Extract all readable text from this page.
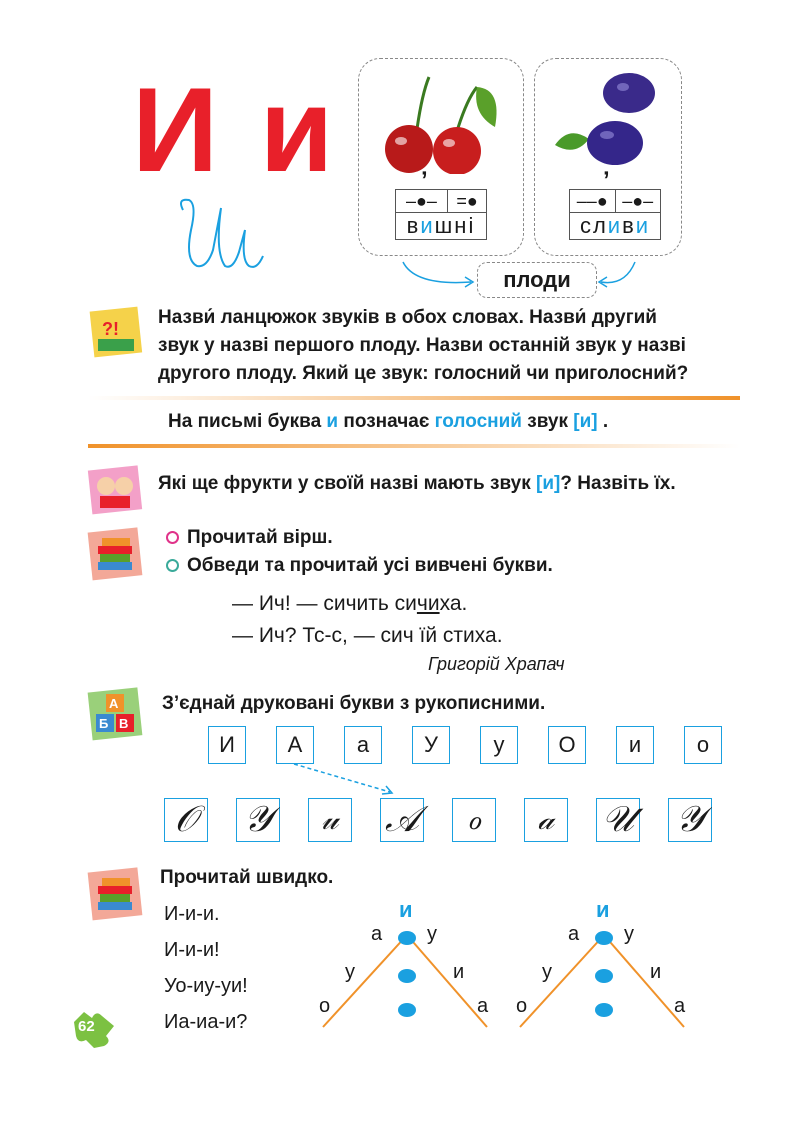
И и	ʼ
–●–	=●
вишні
ʼ
––●	–●–
сливи
плоди
?!
Назви́ ланцюжок звуків в обох словах. Назви́ другий
звук у назві першого плоду. Назви останній звук у назві
другого плоду. Який це звук: голосний чи приголосний?
На письмі буква и позначає голосний звук [и] .
Які ще фрукти у своїй назві мають звук [и]? Назвіть їх.
Прочитай вірш.
Обведи та прочитай усі вивчені букви.
— Ич! — сичить сичиха.
— Ич? Тс-с, — сич їй стиха.
Григорій Храпач
А
Б В
З’єднай друковані букви з рукописними.
И	А	а	У	у	О	и	о
𝒪 𝒴	𝓊	𝒜	ℴ	𝒶	𝒰 𝒴
Прочитай швидко.
И-и-и.
И-и-и!
Уо-иу-уи!
Иа-иа-и?
и
а
у
о
у
и
а
и
а
у
о
у
и
а
62
